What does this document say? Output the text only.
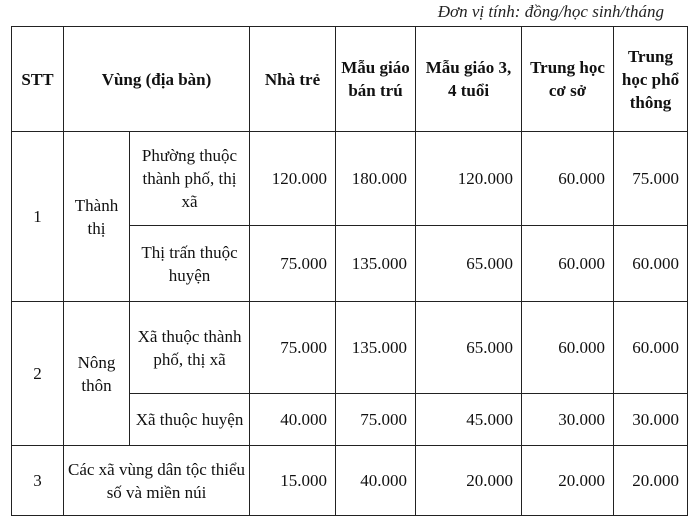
Đơn vị tính: đồng/học sinh/tháng
STT	Vùng (địa bàn)		Nhà trẻ	Mẫu giáo bán trú	Mẫu giáo 3, 4 tuổi	Trung học cơ sở	Trung học phổ thông
1	Thành thị	Phường thuộc thành phố, thị xã	120.000	180.000	120.000	60.000	75.000
		Thị trấn thuộc huyện	75.000	135.000	65.000	60.000	60.000
2	Nông thôn	Xã thuộc thành phố, thị xã	75.000	135.000	65.000	60.000	60.000
		Xã thuộc huyện	40.000	75.000	45.000	30.000	30.000
3	Các xã vùng dân tộc thiểu số và miền núi		15.000	40.000	20.000	20.000	20.000
